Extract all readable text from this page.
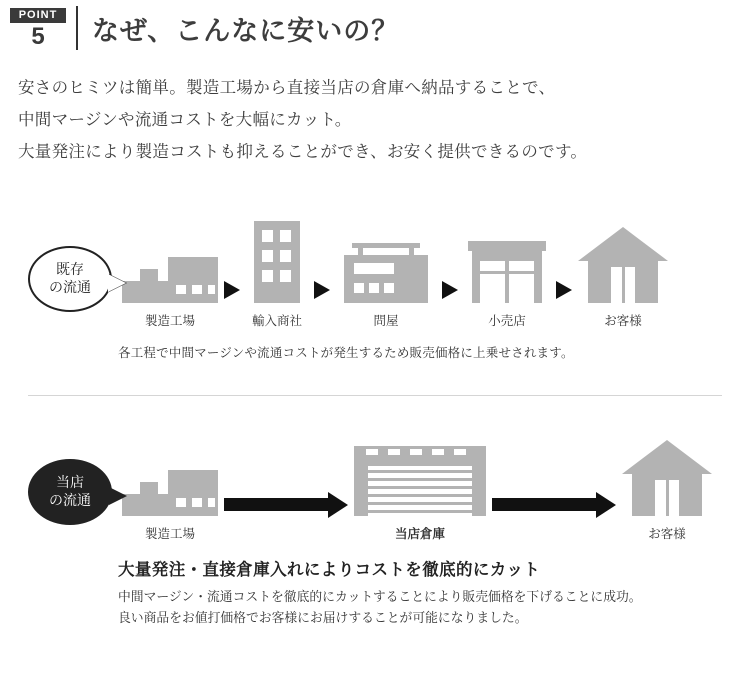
POINT
5	なぜ、こんなに安いの？
安さのヒミツは簡単。製造工場から直接当店の倉庫へ納品することで、
中間マージンや流通コストを大幅にカット。
大量発注により製造コストも抑えることができ、お安く提供できるのです。
既存
の流通
製造工場	輸入商社	問屋	小売店	お客様
各工程で中間マージンや流通コストが発生するため販売価格に上乗せされます。
当店
の流通
製造工場	当店倉庫	お客様
大量発注・直接倉庫入れによりコストを徹底的にカット
中間マージン・流通コストを徹底的にカットすることにより販売価格を下げることに成功。
良い商品をお値打価格でお客様にお届けすることが可能になりました。
